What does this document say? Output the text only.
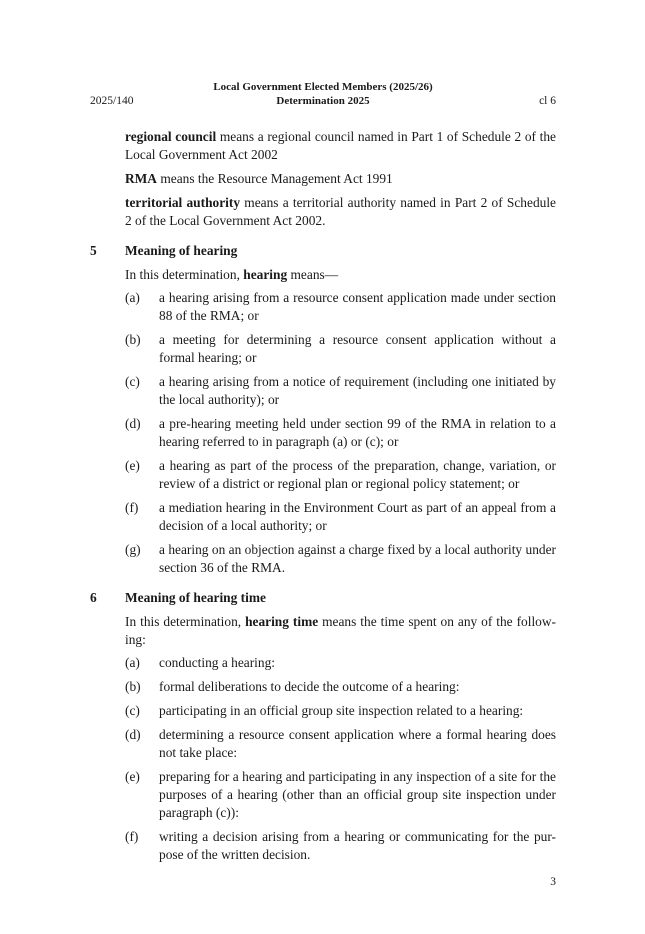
2025/140
Local Government Elected Members (2025/26)
Determination 2025	cl 6

regional council means a regional council named in Part 1 of Schedule 2 of the Local Government Act 2002

RMA means the Resource Management Act 1991

territorial authority means a territorial authority named in Part 2 of Schedule 2 of the Local Government Act 2002.

5 Meaning of hearing

In this determination, hearing means—

(a) a hearing arising from a resource consent application made under section 88 of the RMA; or
(b) a meeting for determining a resource consent application without a formal hearing; or
(c) a hearing arising from a notice of requirement (including one initiated by the local authority); or
(d) a pre-hearing meeting held under section 99 of the RMA in relation to a hearing referred to in paragraph (a) or (c); or
(e) a hearing as part of the process of the preparation, change, variation, or review of a district or regional plan or regional policy statement; or
(f) a mediation hearing in the Environment Court as part of an appeal from a decision of a local authority; or
(g) a hearing on an objection against a charge fixed by a local authority under section 36 of the RMA.
6 Meaning of hearing time

In this determination, hearing time means the time spent on any of the follow-ing:

(a) conducting a hearing:
(b) formal deliberations to decide the outcome of a hearing:
(c) participating in an official group site inspection related to a hearing:
(d) determining a resource consent application where a formal hearing does not take place:
(e) preparing for a hearing and participating in any inspection of a site for the purposes of a hearing (other than an official group site inspection under paragraph (c)):
(f) writing a decision arising from a hearing or communicating for the pur-pose of the written decision.
3
